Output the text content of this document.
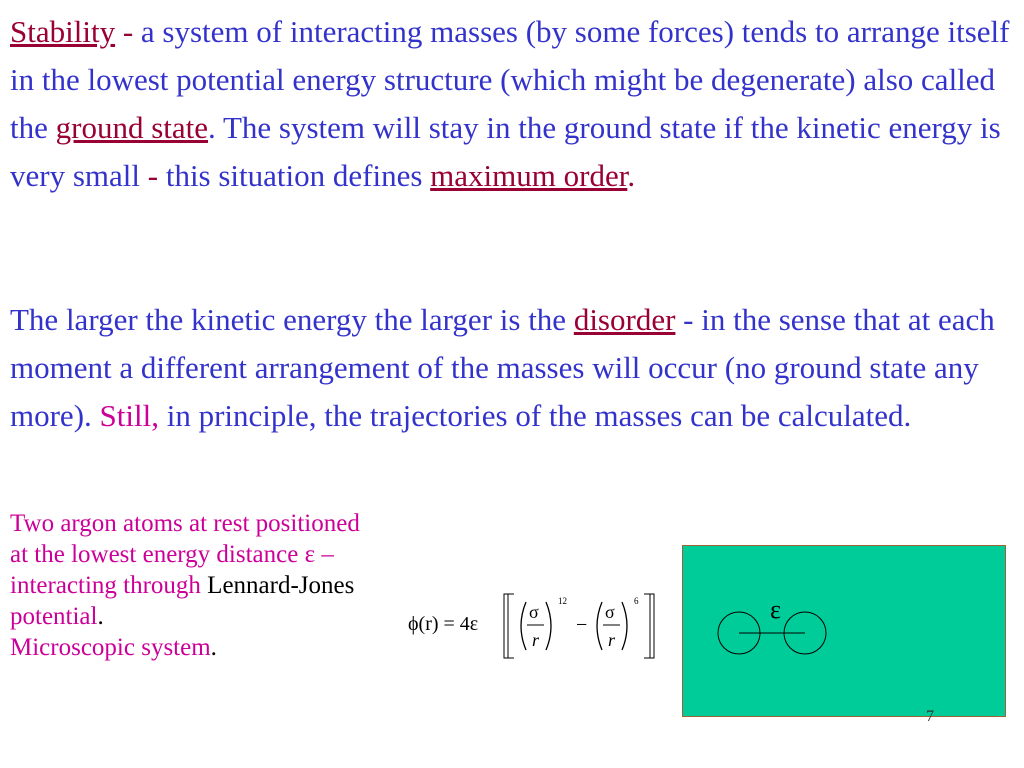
Stability - a system of interacting masses (by some forces) tends to arrange itself in the lowest potential energy structure (which might be degenerate) also called the ground state. The system will stay in the ground state if the kinetic energy is very small - this situation defines maximum order.

The larger the kinetic energy the larger is the disorder - in the sense that at each moment a different arrangement of the masses will occur (no ground state any more). Still, in principle, the trajectories of the masses can be calculated.

Two argon atoms at rest positioned at the lowest energy distance ε – interacting through Lennard-Jones potential.
Microscopic system.

ϕ(r) = 4ε
σ
r
12
−
σ
r
6	ε
7
